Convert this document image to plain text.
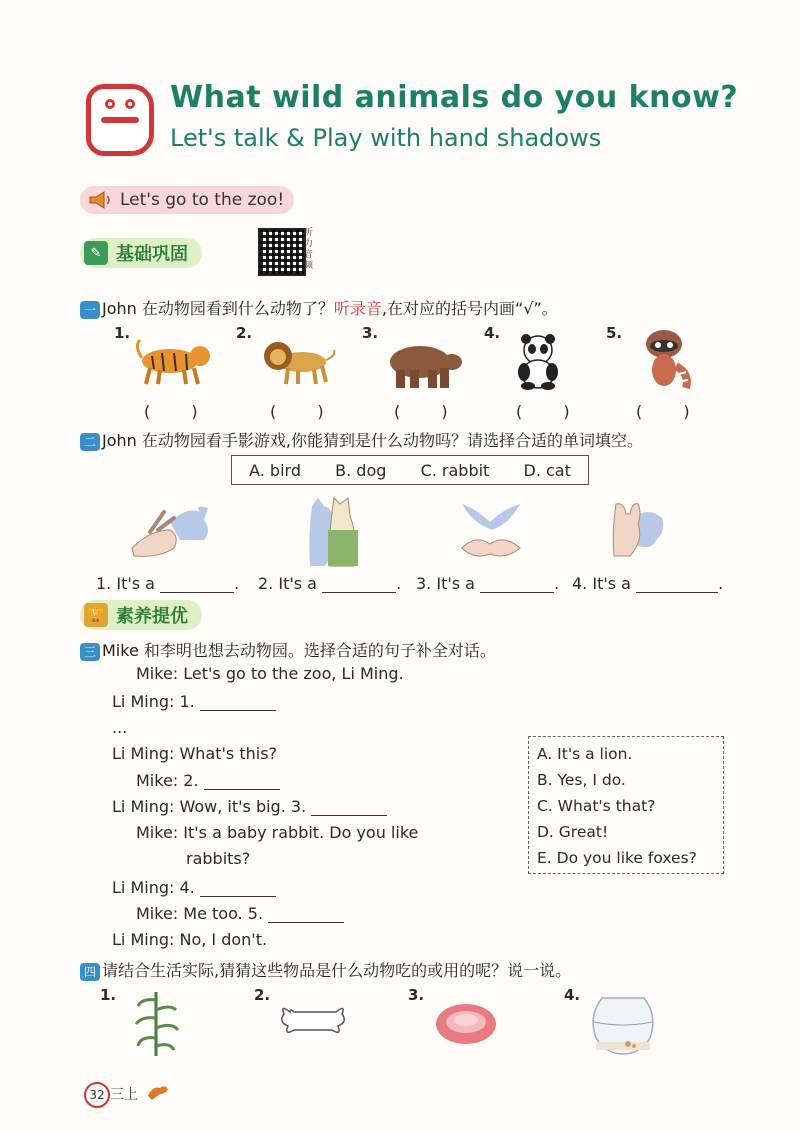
What wild animals do you know?
Let's talk & Play with hand shadows
Let's go to the zoo!
✎ 基础巩固
听力音频
一 John 在动物园看到什么动物了？听录音,在对应的括号内画“√”。
1.	2.	3.	4.	5.
( )	( )	( )	( )	( )
二 John 在动物园看手影游戏,你能猜到是什么动物吗？请选择合适的单词填空。
A. bird B. dog C. rabbit D. cat
1. It's a	. 2. It's a	. 3. It's a	. 4. It's a	.
🏆 素养提优
三 Mike 和李明也想去动物园。选择合适的句子补全对话。
Mike: Let's go to the zoo, Li Ming.
Li Ming: 1.
...
Li Ming: What's this?
Mike: 2.
Li Ming: Wow, it's big. 3.
Mike: It's a baby rabbit. Do you like
rabbits?
Li Ming: 4.
Mike: Me too. 5.
Li Ming: No, I don't.
A. It's a lion.
B. Yes, I do.
C. What's that?
D. Great!
E. Do you like foxes?
四 请结合生活实际,猜猜这些物品是什么动物吃的或用的呢？说一说。
1.	2.	3.	4.
32 三上
